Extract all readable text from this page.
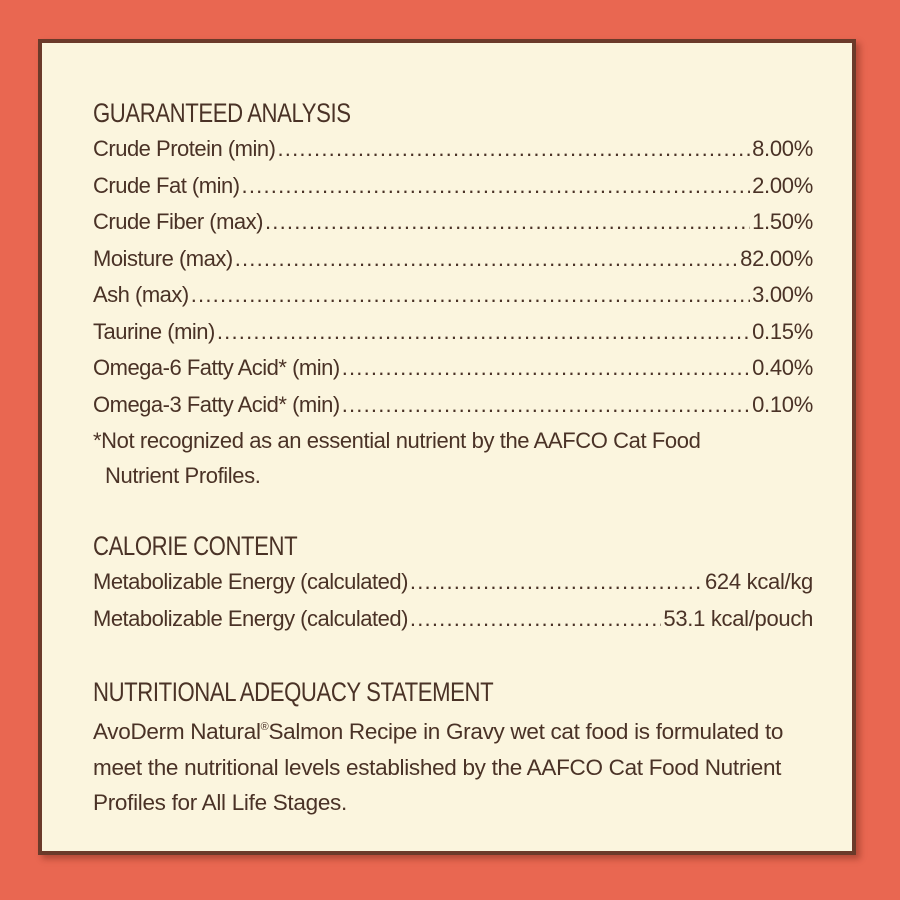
GUARANTEED ANALYSIS
Crude Protein (min) .....	8.00%
Crude Fat (min) .....	2.00%
Crude Fiber (max) .....	1.50%
Moisture (max) .....	82.00%
Ash (max) .....	3.00%
Taurine (min) .....	0.15%
Omega-6 Fatty Acid* (min) .....	0.40%
Omega-3 Fatty Acid* (min) .....	0.10%
*Not recognized as an essential nutrient by the AAFCO Cat Food
Nutrient Profiles.
CALORIE CONTENT
Metabolizable Energy (calculated) .....	624 kcal/kg
Metabolizable Energy (calculated) .....	53.1 kcal/pouch
NUTRITIONAL ADEQUACY STATEMENT
AvoDerm Natural®Salmon Recipe in Gravy wet cat food is formulated to meet the nutritional levels established by the AAFCO Cat Food Nutrient Profiles for All Life Stages.
